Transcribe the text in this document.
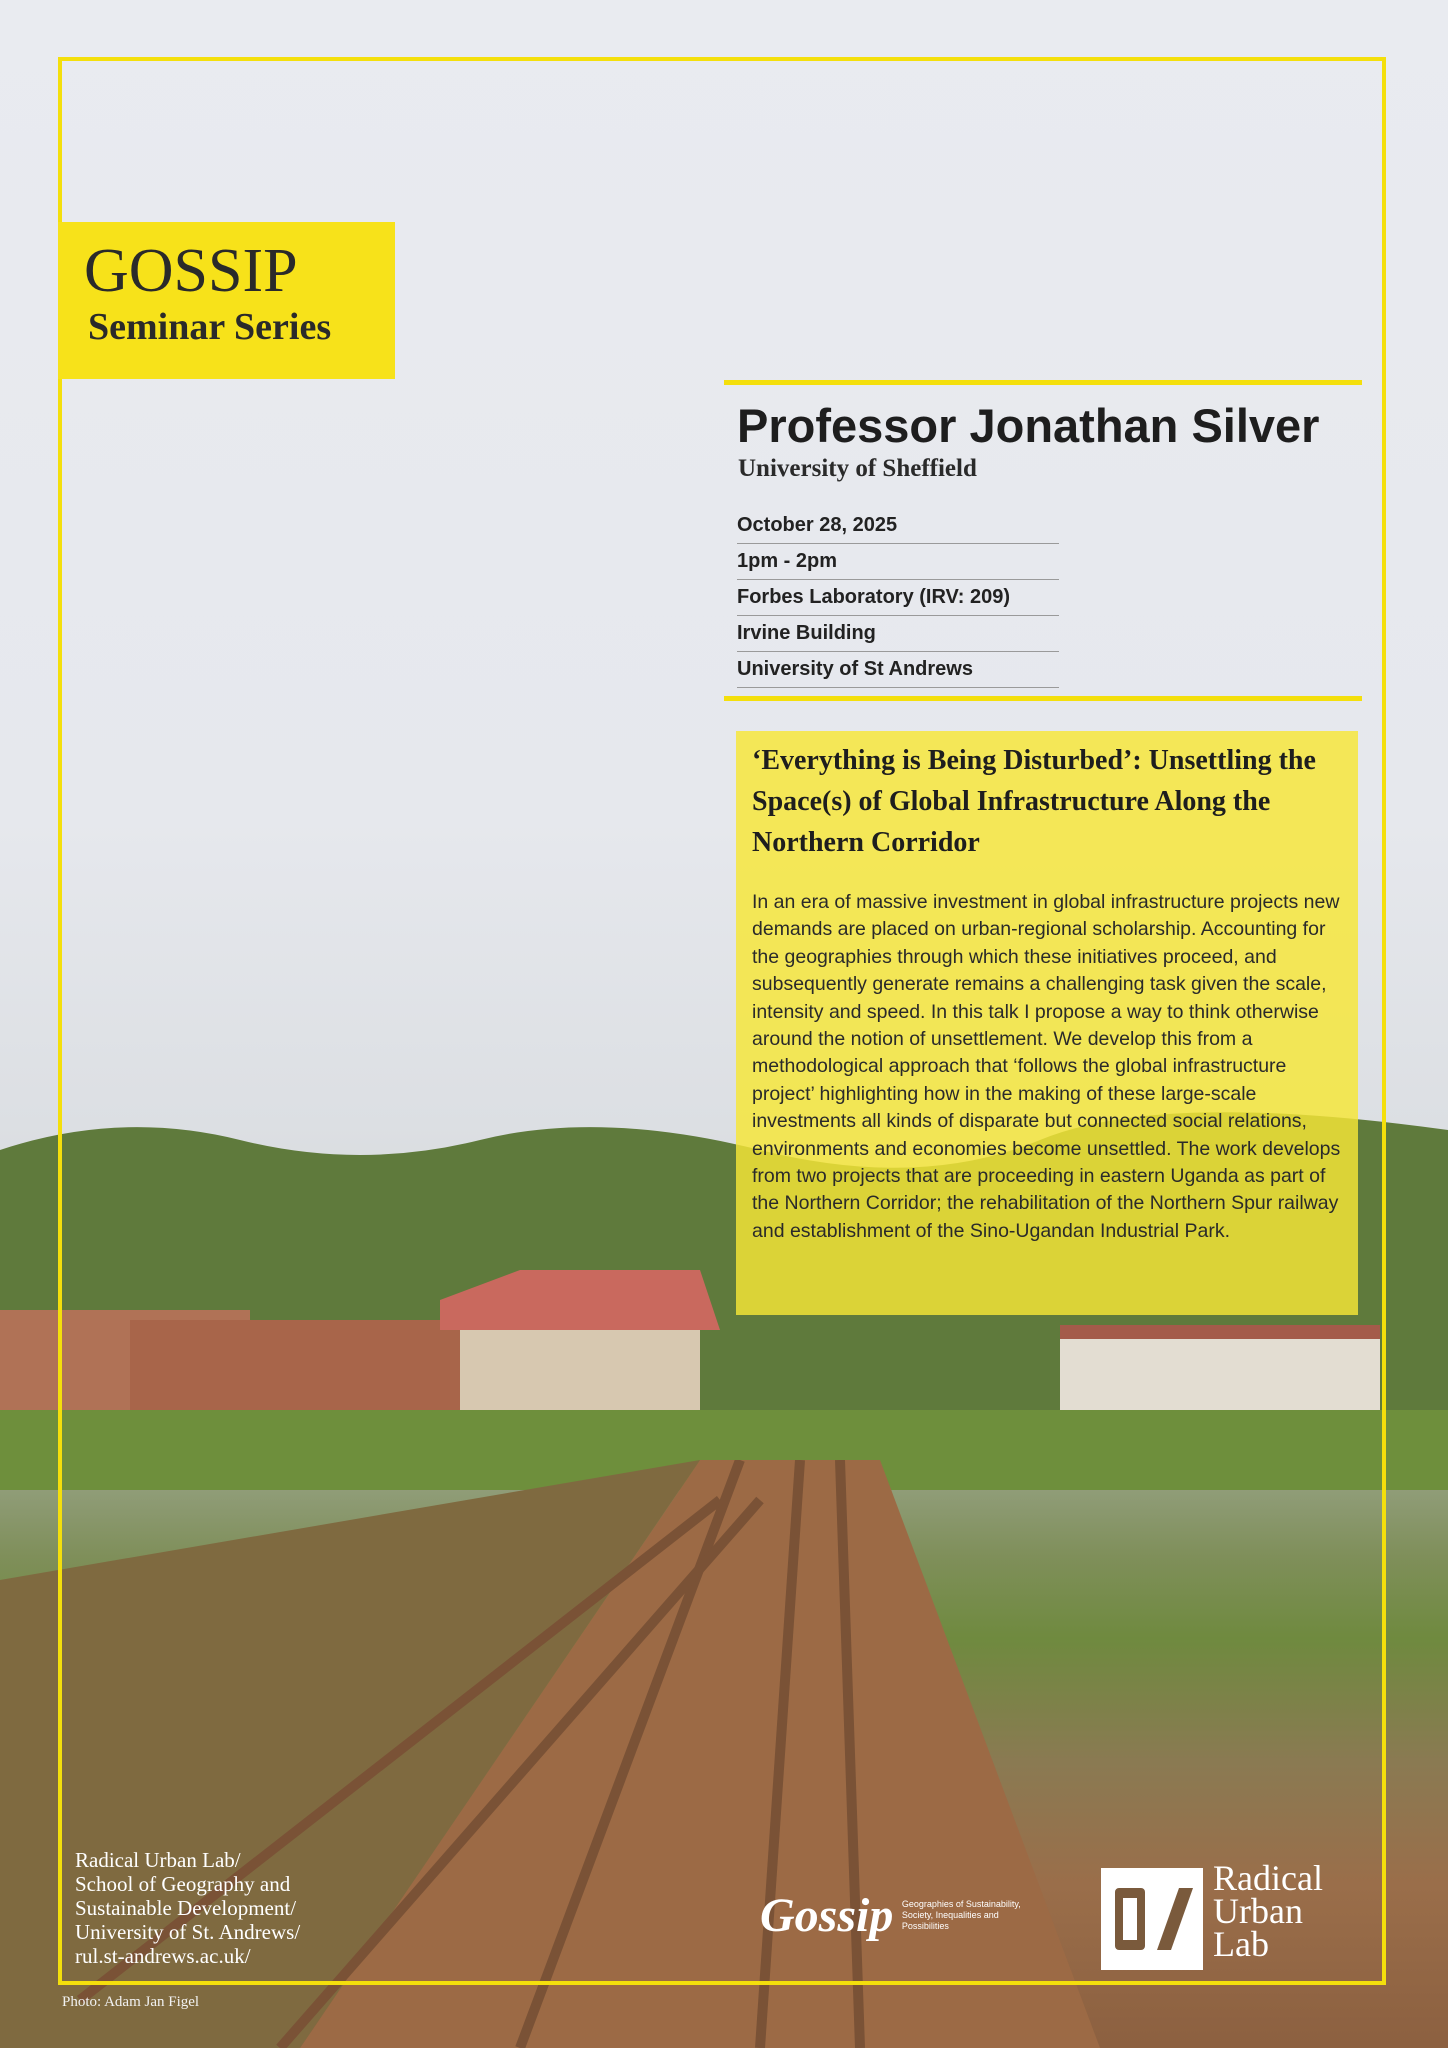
GOSSIP
Seminar Series
Professor Jonathan Silver
University of Sheffield
October 28, 2025
1pm - 2pm
Forbes Laboratory (IRV: 209)
Irvine Building
University of St Andrews
‘Everything is Being Disturbed’: Unsettling the Space(s) of Global Infrastructure Along the Northern Corridor

In an era of massive investment in global infrastructure projects new demands are placed on urban-regional scholarship. Accounting for the geographies through which these initiatives proceed, and subsequently generate remains a challenging task given the scale, intensity and speed. In this talk I propose a way to think otherwise around the notion of unsettlement. We develop this from a methodological approach that ‘follows the global infrastructure project’ highlighting how in the making of these large-scale investments all kinds of disparate but connected social relations, environments and economies become unsettled. The work develops from two projects that are proceeding in eastern Uganda as part of the Northern Corridor; the rehabilitation of the Northern Spur railway and establishment of the Sino-Ugandan Industrial Park.

Radical Urban Lab/
School of Geography and
Sustainable Development/
University of St. Andrews/
rul.st-andrews.ac.uk/
Gossip Geographies of Sustainability, Society, Inequalities and Possibilities
Radical
Urban
Lab
Photo: Adam Jan Figel
